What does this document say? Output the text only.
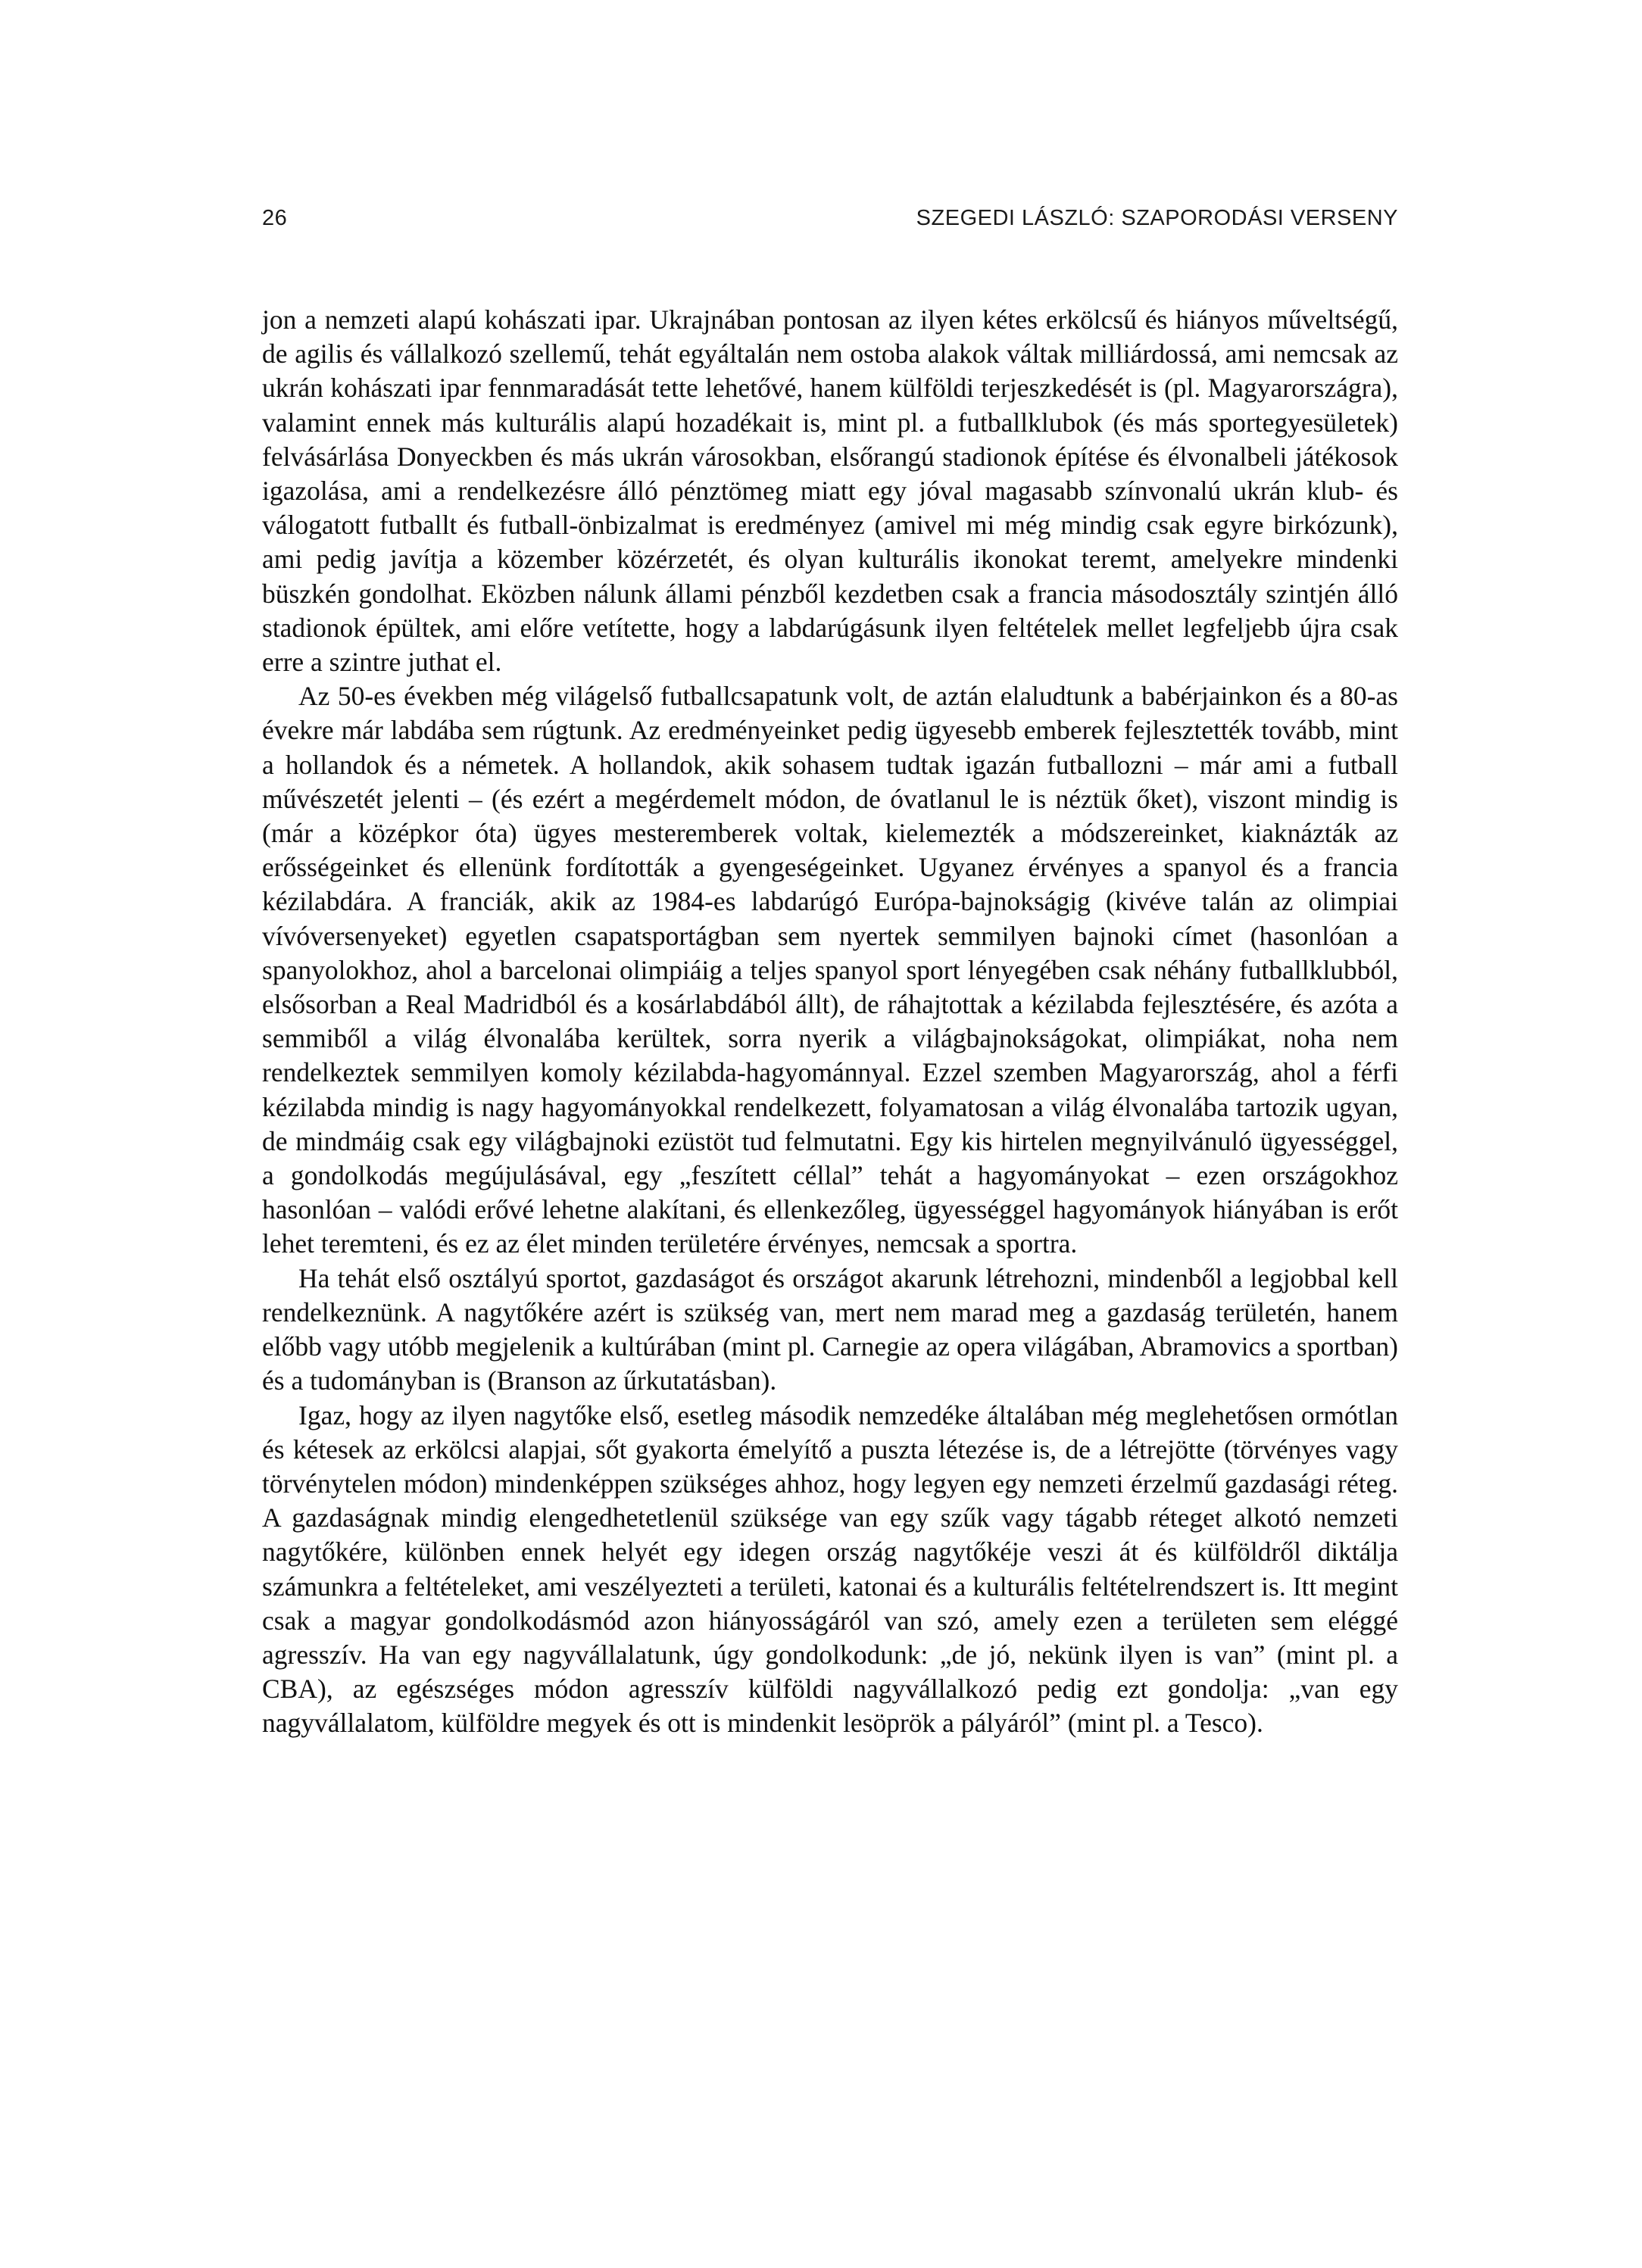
26	SZEGEDI LÁSZLÓ: SZAPORODÁSI VERSENY

jon a nemzeti alapú kohászati ipar. Ukrajnában pontosan az ilyen kétes erkölcsű és hiányos műveltségű, de agilis és vállalkozó szellemű, tehát egyáltalán nem ostoba alakok váltak milliárdossá, ami nemcsak az ukrán kohászati ipar fennmaradását tette lehetővé, hanem külföldi terjeszkedését is (pl. Magyarországra), valamint ennek más kulturális alapú hozadékait is, mint pl. a futballklubok (és más sportegyesületek) felvásárlása Donyeckben és más ukrán városokban, elsőrangú stadionok építése és élvonalbeli játékosok igazolása, ami a rendelkezésre álló pénztömeg miatt egy jóval magasabb színvonalú ukrán klub- és válogatott futballt és futball-önbizalmat is eredményez (amivel mi még mindig csak egyre birkózunk), ami pedig javítja a közember közérzetét, és olyan kulturális ikonokat teremt, amelyekre mindenki büszkén gondolhat. Eközben nálunk állami pénzből kezdetben csak a francia másodosztály szintjén álló stadionok épültek, ami előre vetítette, hogy a labdarúgásunk ilyen feltételek mellet legfeljebb újra csak erre a szintre juthat el.

Az 50-es években még világelső futballcsapatunk volt, de aztán elaludtunk a babérjainkon és a 80-as évekre már labdába sem rúgtunk. Az eredményeinket pedig ügyesebb emberek fejlesztették tovább, mint a hollandok és a németek. A hollandok, akik sohasem tudtak igazán futballozni – már ami a futball művészetét jelenti – (és ezért a megérdemelt módon, de óvatlanul le is néztük őket), viszont mindig is (már a középkor óta) ügyes mesteremberek voltak, kielemezték a módszereinket, kiaknázták az erősségeinket és ellenünk fordították a gyengeségeinket. Ugyanez érvényes a spanyol és a francia kézilabdára. A franciák, akik az 1984-es labdarúgó Európa-bajnokságig (kivéve talán az olimpiai vívóversenyeket) egyetlen csapatsportágban sem nyertek semmilyen bajnoki címet (hasonlóan a spanyolokhoz, ahol a barcelonai olimpiáig a teljes spanyol sport lényegében csak néhány futballklubból, elsősorban a Real Madridból és a kosárlabdából állt), de ráhajtottak a kézilabda fejlesztésére, és azóta a semmiből a világ élvonalába kerültek, sorra nyerik a világbajnokságokat, olimpiákat, noha nem rendelkeztek semmilyen komoly kézilabda-hagyománnyal. Ezzel szemben Magyarország, ahol a férfi kézilabda mindig is nagy hagyományokkal rendelkezett, folyamatosan a világ élvonalába tartozik ugyan, de mindmáig csak egy világbajnoki ezüstöt tud felmutatni. Egy kis hirtelen megnyilvánuló ügyességgel, a gondolkodás megújulásával, egy „feszített céllal” tehát a hagyományokat – ezen országokhoz hasonlóan – valódi erővé lehetne alakítani, és ellenkezőleg, ügyességgel hagyományok hiányában is erőt lehet teremteni, és ez az élet minden területére érvényes, nemcsak a sportra.

Ha tehát első osztályú sportot, gazdaságot és országot akarunk létrehozni, mindenből a legjobbal kell rendelkeznünk. A nagytőkére azért is szükség van, mert nem marad meg a gazdaság területén, hanem előbb vagy utóbb megjelenik a kultúrában (mint pl. Carnegie az opera világában, Abramovics a sportban) és a tudományban is (Branson az űrkutatásban).

Igaz, hogy az ilyen nagytőke első, esetleg második nemzedéke általában még meglehetősen ormótlan és kétesek az erkölcsi alapjai, sőt gyakorta émelyítő a puszta létezése is, de a létrejötte (törvényes vagy törvénytelen módon) mindenképpen szükséges ahhoz, hogy legyen egy nemzeti érzelmű gazdasági réteg. A gazdaságnak mindig elengedhetetlenül szüksége van egy szűk vagy tágabb réteget alkotó nemzeti nagytőkére, különben ennek helyét egy idegen ország nagytőkéje veszi át és külföldről diktálja számunkra a feltételeket, ami veszélyezteti a területi, katonai és a kulturális feltételrendszert is. Itt megint csak a magyar gondolkodásmód azon hiányosságáról van szó, amely ezen a területen sem eléggé agresszív. Ha van egy nagyvállalatunk, úgy gondolkodunk: „de jó, nekünk ilyen is van” (mint pl. a CBA), az egészséges módon agresszív külföldi nagyvállalkozó pedig ezt gondolja: „van egy nagyvállalatom, külföldre megyek és ott is mindenkit lesöprök a pályáról” (mint pl. a Tesco).
